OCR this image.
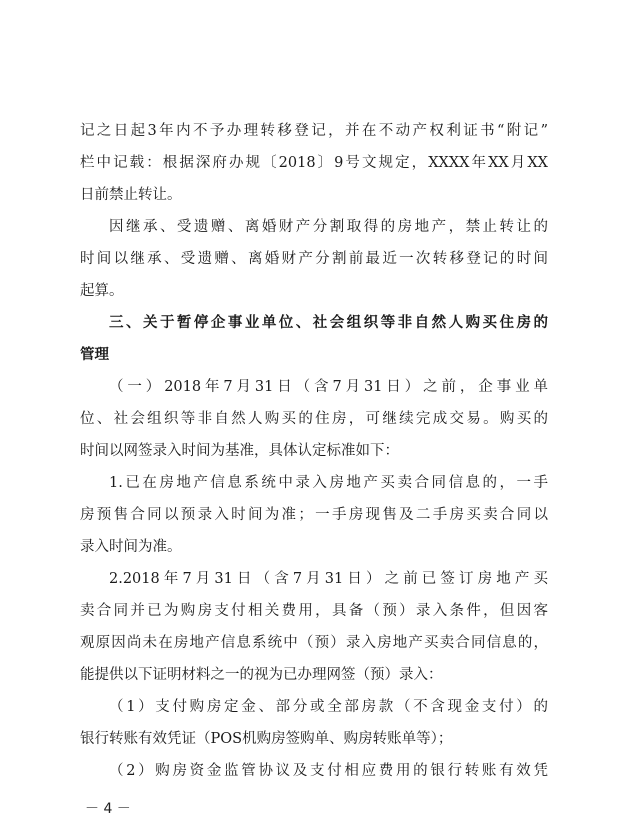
记之日起3年内不予办理转移登记，并在不动产权利证书“附记”
栏中记载：根据深府办规〔2018〕9号文规定，XXXX年XX月XX
日前禁止转让。
因继承、受遗赠、离婚财产分割取得的房地产，禁止转让的
时间以继承、受遗赠、离婚财产分割前最近一次转移登记的时间
起算。
三、关于暂停企事业单位、社会组织等非自然人购买住房的
管理
（一）2018年7月31日（含7月31日）之前，企事业单
位、社会组织等非自然人购买的住房，可继续完成交易。购买的
时间以网签录入时间为基准，具体认定标准如下：
1.已在房地产信息系统中录入房地产买卖合同信息的，一手
房预售合同以预录入时间为准；一手房现售及二手房买卖合同以
录入时间为准。
2.2018年7月31日（含7月31日）之前已签订房地产买
卖合同并已为购房支付相关费用，具备（预）录入条件，但因客
观原因尚未在房地产信息系统中（预）录入房地产买卖合同信息的，
能提供以下证明材料之一的视为已办理网签（预）录入：
（1）支付购房定金、部分或全部房款（不含现金支付）的
银行转账有效凭证（POS机购房签购单、购房转账单等）；
（2）购房资金监管协议及支付相应费用的银行转账有效凭
－ 4 －
